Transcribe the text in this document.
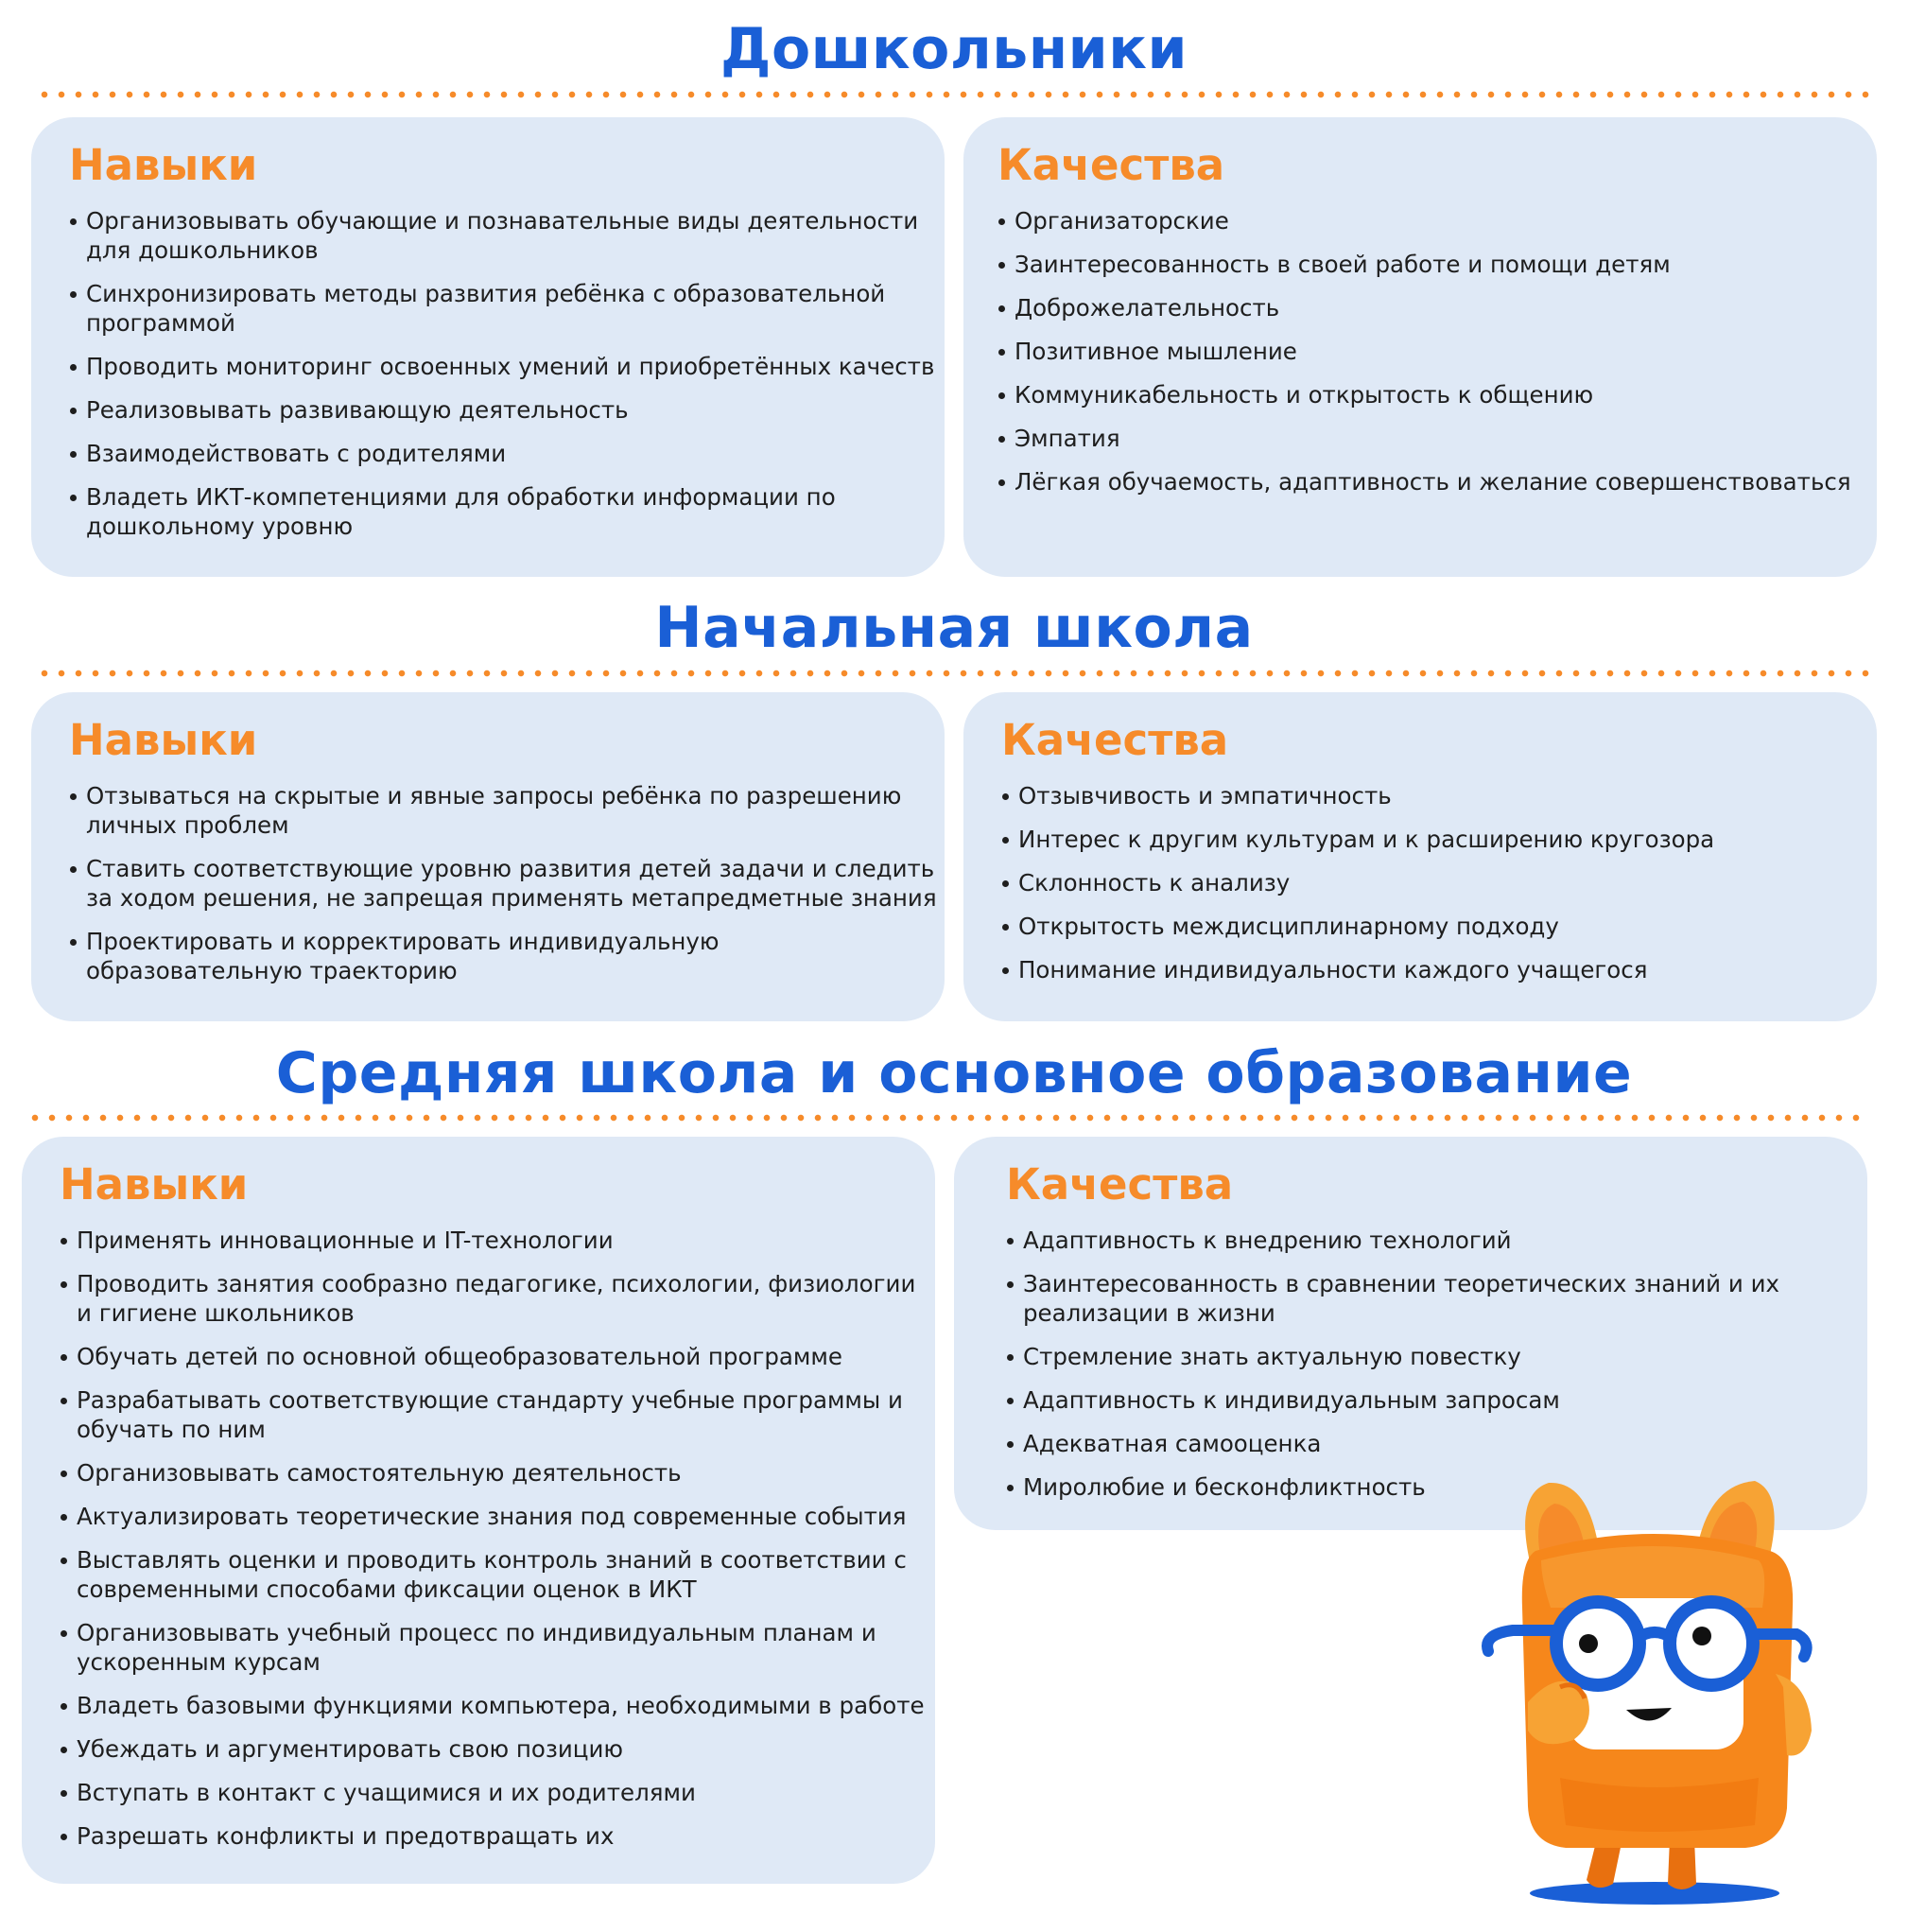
Дошкольники
Навыки
Организовывать обучающие и познавательные виды деятельности для дошкольников
Синхронизировать методы развития ребёнка с образовательной программой
Проводить мониторинг освоенных умений и приобретённых качеств
Реализовывать развивающую деятельность
Взаимодействовать с родителями
Владеть ИКТ-компетенциями для обработки информации по дошкольному уровню
Качества
Организаторские
Заинтересованность в своей работе и помощи детям
Доброжелательность
Позитивное мышление
Коммуникабельность и открытость к общению
Эмпатия
Лёгкая обучаемость, адаптивность и желание совершенствоваться
Начальная школа
Навыки
Отзываться на скрытые и явные запросы ребёнка по разрешению личных проблем
Ставить соответствующие уровню развития детей задачи и следить за ходом решения, не запрещая применять метапредметные знания
Проектировать и корректировать индивидуальную образовательную траекторию
Качества
Отзывчивость и эмпатичность
Интерес к другим культурам и к расширению кругозора
Склонность к анализу
Открытость междисциплинарному подходу
Понимание индивидуальности каждого учащегося
Средняя школа и основное образование
Навыки
Применять инновационные и IT-технологии
Проводить занятия сообразно педагогике, психологии, физиологии и гигиене школьников
Обучать детей по основной общеобразовательной программе
Разрабатывать соответствующие стандарту учебные программы и обучать по ним
Организовывать самостоятельную деятельность
Актуализировать теоретические знания под современные события
Выставлять оценки и проводить контроль знаний в соответствии с современными способами фиксации оценок в ИКТ
Организовывать учебный процесс по индивидуальным планам и ускоренным курсам
Владеть базовыми функциями компьютера, необходимыми в работе
Убеждать и аргументировать свою позицию
Вступать в контакт с учащимися и их родителями
Разрешать конфликты и предотвращать их
Качества
Адаптивность к внедрению технологий
Заинтересованность в сравнении теоретических знаний и их реализации в жизни
Стремление знать актуальную повестку
Адаптивность к индивидуальным запросам
Адекватная самооценка
Миролюбие и бесконфликтность
